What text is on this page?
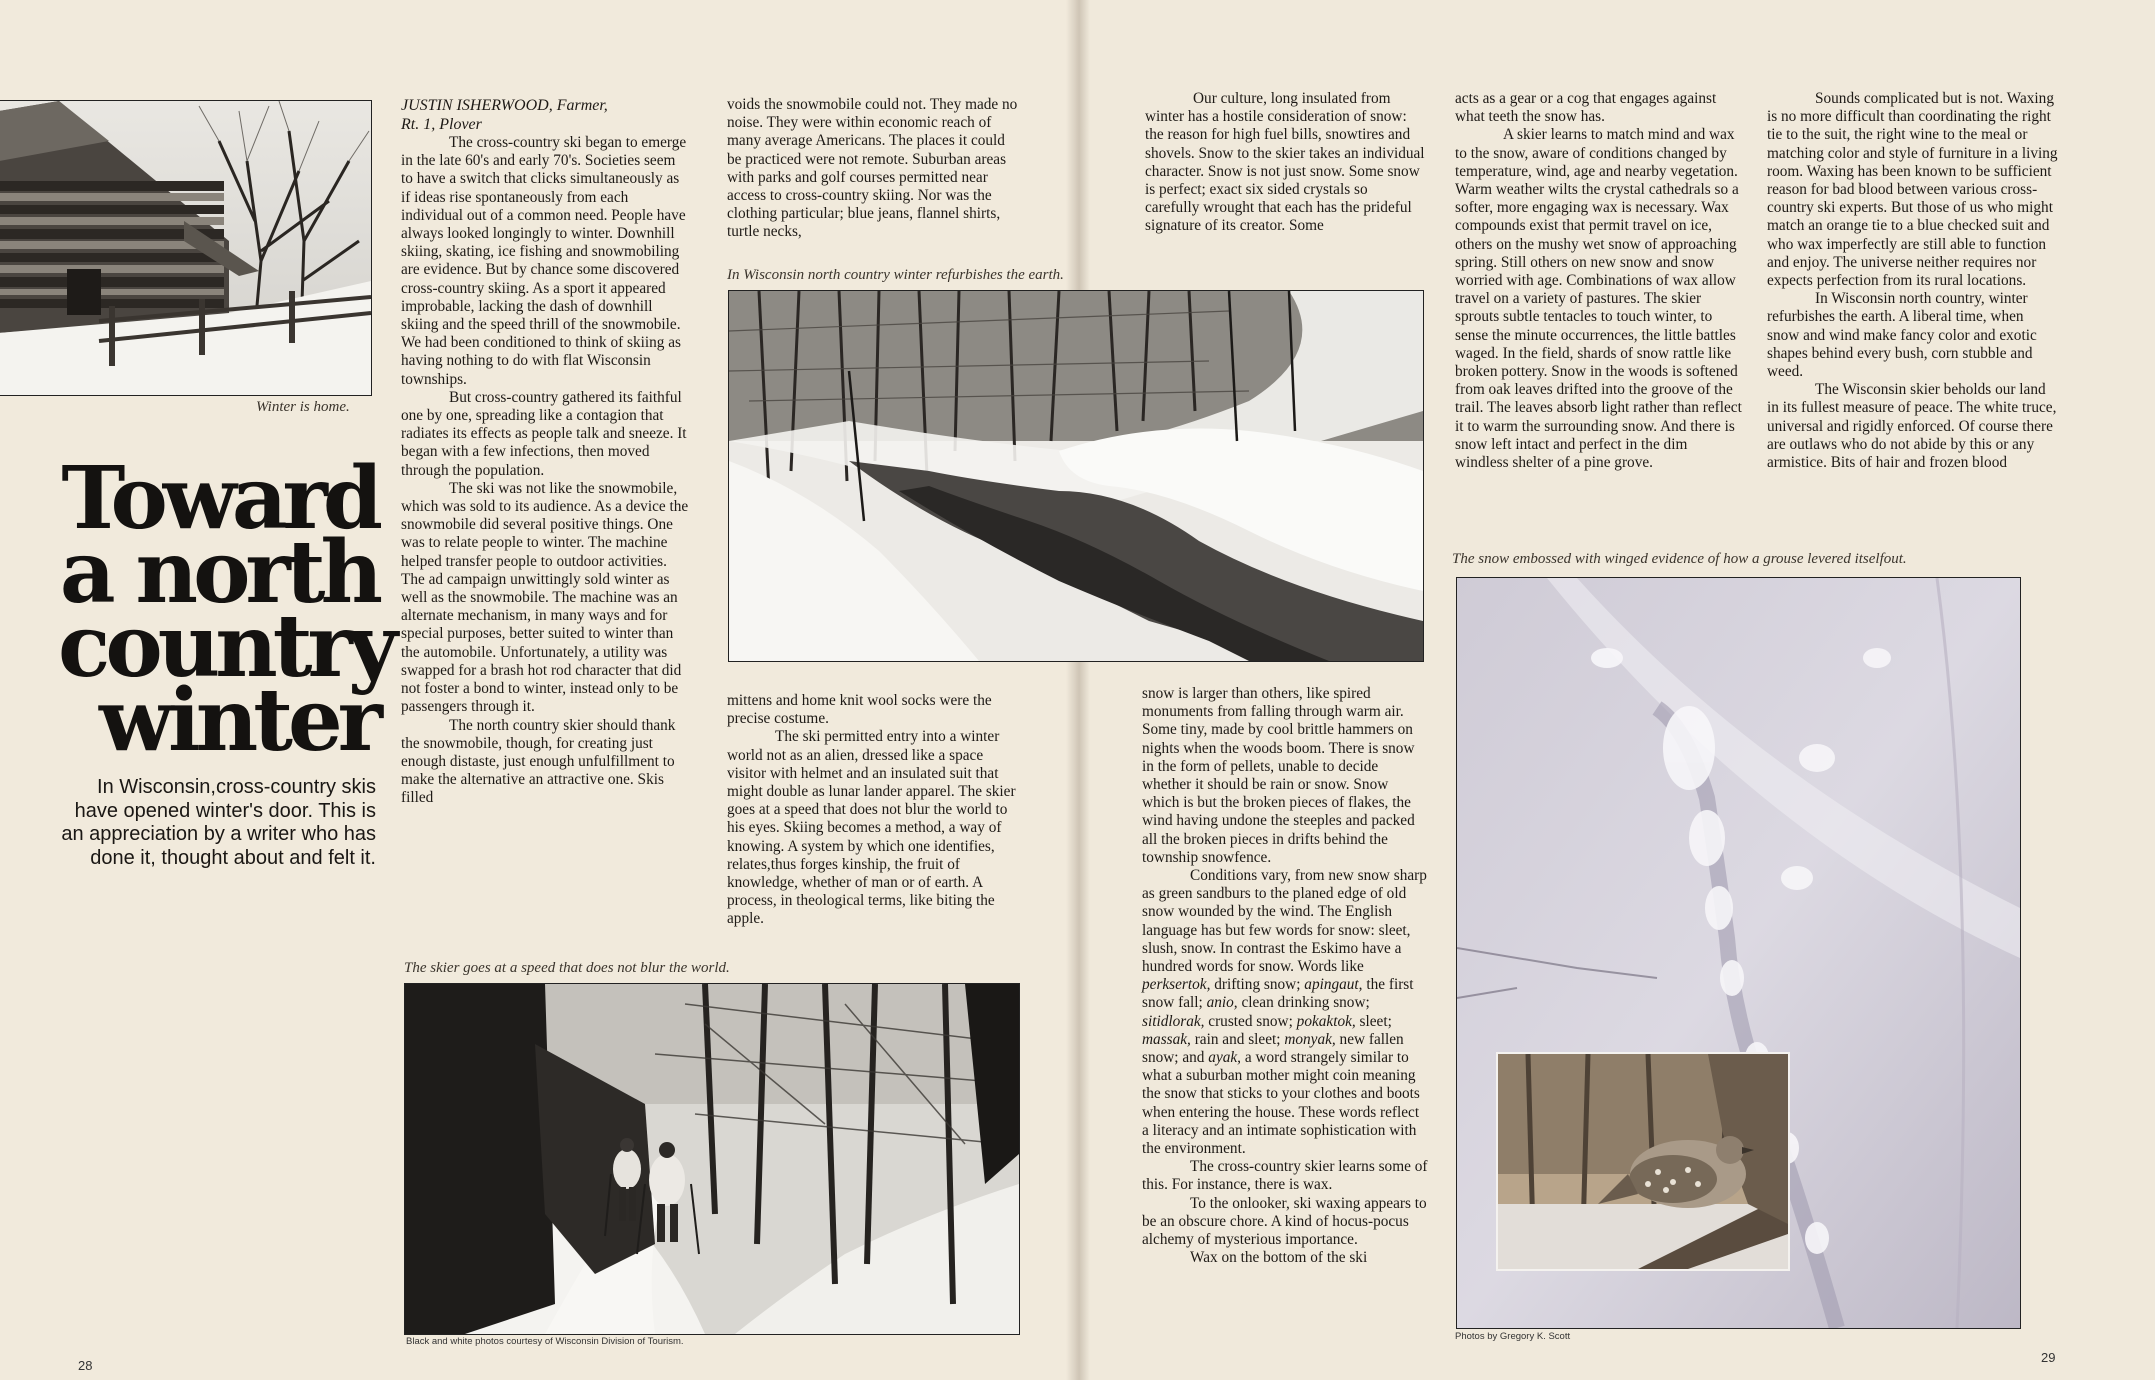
Winter is home.
Toward
a north
country
winter
In Wisconsin,cross-country skis have opened winter's door. This is an appreciation by a writer who has done it, thought about and felt it.
JUSTIN ISHERWOOD, Farmer,
Rt. 1, Plover

The cross-country ski began to emerge in the late 60's and early 70's. Societies seem to have a switch that clicks simultaneously as if ideas rise spontaneously from each individual out of a common need. People have always looked longingly to winter. Downhill skiing, skating, ice fishing and snowmobiling are evidence. But by chance some discovered cross-country skiing. As a sport it appeared improbable, lacking the dash of downhill skiing and the speed thrill of the snowmobile. We had been conditioned to think of skiing as having nothing to do with flat Wisconsin townships.

But cross-country gathered its faithful one by one, spreading like a contagion that radiates its effects as people talk and sneeze. It began with a few infections, then moved through the population.

The ski was not like the snowmobile, which was sold to its audience. As a device the snowmobile did several positive things. One was to relate people to winter. The machine helped transfer people to outdoor activities. The ad campaign unwittingly sold winter as well as the snowmobile. The machine was an alternate mechanism, in many ways and for special purposes, better suited to winter than the automobile. Unfortunately, a utility was swapped for a brash hot rod character that did not foster a bond to winter, instead only to be passengers through it.

The north country skier should thank the snowmobile, though, for creating just enough distaste, just enough unfulfillment to make the alternative an attractive one. Skis filled

voids the snowmobile could not. They made no noise. They were within economic reach of many average Americans. The places it could be practiced were not remote. Suburban areas with parks and golf courses permitted near access to cross-country skiing. Nor was the clothing particular; blue jeans, flannel shirts, turtle necks,

In Wisconsin north country winter refurbishes the earth.

mittens and home knit wool socks were the precise costume.

The ski permitted entry into a winter world not as an alien, dressed like a space visitor with helmet and an insulated suit that might double as lunar lander apparel. The skier goes at a speed that does not blur the world to his eyes. Skiing becomes a method, a way of knowing. A system by which one identifies, relates,thus forges kinship, the fruit of knowledge, whether of man or of earth. A process, in theological terms, like biting the apple.

The skier goes at a speed that does not blur the world.
Black and white photos courtesy of Wisconsin Division of Tourism.
28

Our culture, long insulated from winter has a hostile consideration of snow: the reason for high fuel bills, snowtires and shovels. Snow to the skier takes an individual character. Snow is not just snow. Some snow is perfect; exact six sided crystals so carefully wrought that each has the prideful signature of its creator. Some

snow is larger than others, like spired monuments from falling through warm air. Some tiny, made by cool brittle hammers on nights when the woods boom. There is snow in the form of pellets, unable to decide whether it should be rain or snow. Snow which is but the broken pieces of flakes, the wind having undone the steeples and packed all the broken pieces in drifts behind the township snowfence.

Conditions vary, from new snow sharp as green sandburs to the planed edge of old snow wounded by the wind. The English language has but few words for snow: sleet, slush, snow. In contrast the Eskimo have a hundred words for snow. Words like perksertok, drifting snow; apingaut, the first snow fall; anio, clean drinking snow; sitidlorak, crusted snow; pokaktok, sleet; massak, rain and sleet; monyak, new fallen snow; and ayak, a word strangely similar to what a suburban mother might coin meaning the snow that sticks to your clothes and boots when entering the house. These words reflect a literacy and an intimate sophistication with the environment.

The cross-country skier learns some of this. For instance, there is wax.

To the onlooker, ski waxing appears to be an obscure chore. A kind of hocus-pocus alchemy of mysterious importance.

Wax on the bottom of the ski

acts as a gear or a cog that engages against what teeth the snow has.

A skier learns to match mind and wax to the snow, aware of conditions changed by temperature, wind, age and nearby vegetation. Warm weather wilts the crystal cathedrals so a softer, more engaging wax is necessary. Wax compounds exist that permit travel on ice, others on the mushy wet snow of approaching spring. Still others on new snow and snow worried with age. Combinations of wax allow travel on a variety of pastures. The skier sprouts subtle tentacles to touch winter, to sense the minute occurrences, the little battles waged. In the field, shards of snow rattle like broken pottery. Snow in the woods is softened from oak leaves drifted into the groove of the trail. The leaves absorb light rather than reflect it to warm the surrounding snow. And there is snow left intact and perfect in the dim windless shelter of a pine grove.

Sounds complicated but is not. Waxing is no more difficult than coordinating the right tie to the suit, the right wine to the meal or matching color and style of furniture in a living room. Waxing has been known to be sufficient reason for bad blood between various cross-country ski experts. But those of us who might match an orange tie to a blue checked suit and who wax imperfectly are still able to function and enjoy. The universe neither requires nor expects perfection from its rural locations.

In Wisconsin north country, winter refurbishes the earth. A liberal time, when snow and wind make fancy color and exotic shapes behind every bush, corn stubble and weed.

The Wisconsin skier beholds our land in its fullest measure of peace. The white truce, universal and rigidly enforced. Of course there are outlaws who do not abide by this or any armistice. Bits of hair and frozen blood

The snow embossed with winged evidence of how a grouse levered itselfout.
Photos by Gregory K. Scott
29
